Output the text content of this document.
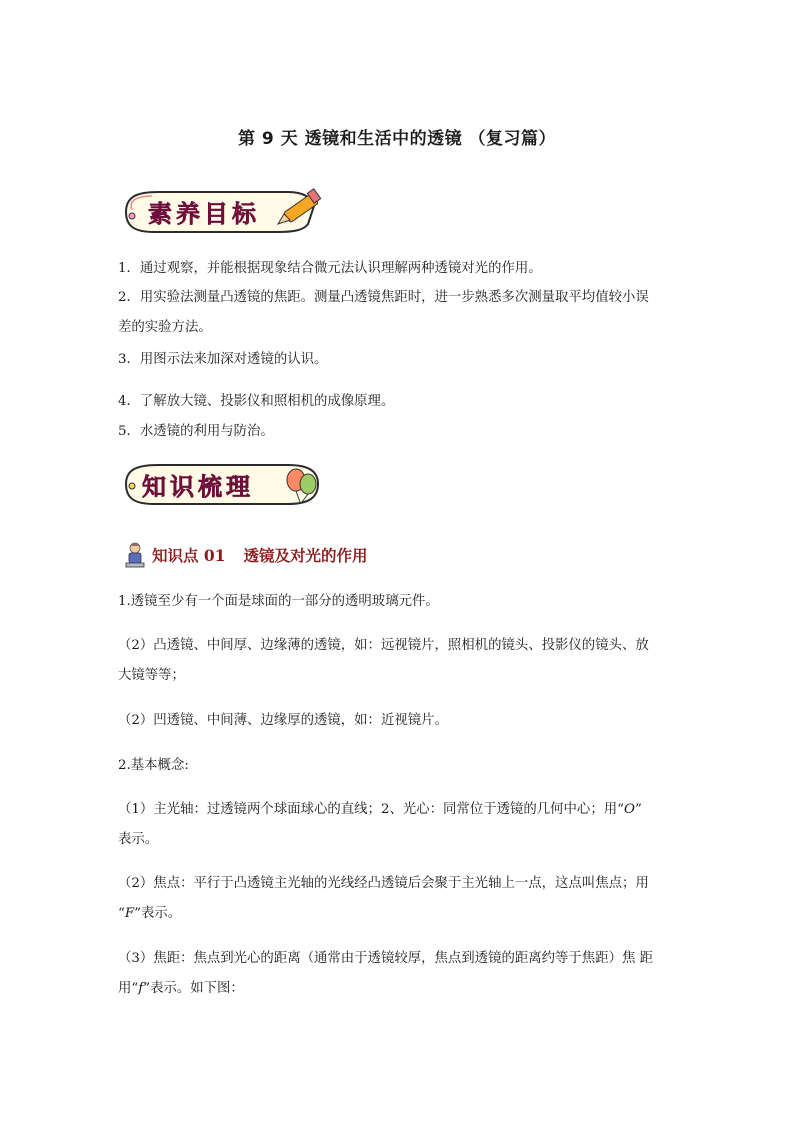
第 9 天 透镜和生活中的透镜 （复习篇）
素养目标
1．通过观察，并能根据现象结合微元法认识理解两种透镜对光的作用。
2．用实验法测量凸透镜的焦距。测量凸透镜焦距时，进一步熟悉多次测量取平均值较小误
差的实验方法。
3．用图示法来加深对透镜的认识。
4．了解放大镜、投影仪和照相机的成像原理。
5．水透镜的利用与防治。
知识梳理
知识点 01 透镜及对光的作用
1.透镜至少有一个面是球面的一部分的透明玻璃元件。
（2）凸透镜、中间厚、边缘薄的透镜，如：远视镜片，照相机的镜头、投影仪的镜头、放
大镜等等；
（2）凹透镜、中间薄、边缘厚的透镜，如：近视镜片。
2.基本概念:
（1）主光轴：过透镜两个球面球心的直线；2、光心：同常位于透镜的几何中心；用“O”
表示。
（2）焦点：平行于凸透镜主光轴的光线经凸透镜后会聚于主光轴上一点，这点叫焦点；用
“F”表示。
（3）焦距：焦点到光心的距离（通常由于透镜较厚，焦点到透镜的距离约等于焦距）焦 距
用“f”表示。如下图：
